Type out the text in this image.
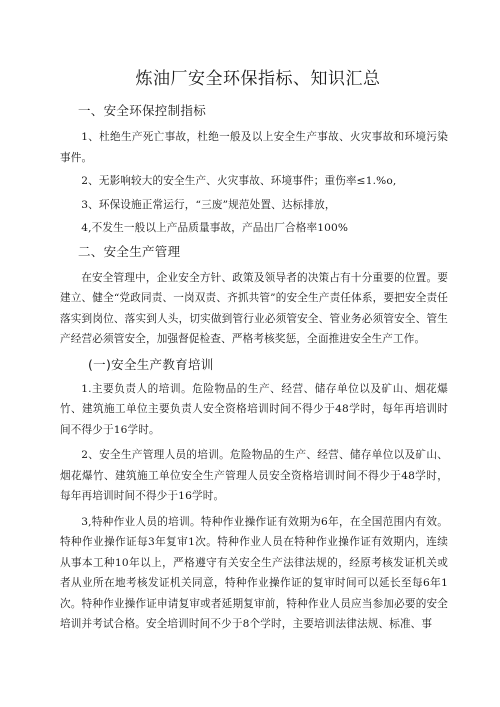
炼油厂安全环保指标、知识汇总
一、安全环保控制指标
1、杜绝生产死亡事故，杜绝一般及以上安全生产事故、火灾事故和环境污染事件。
2、无影响较大的安全生产、火灾事故、环境事件；重伤率≤1.%o,
3、环保设施正常运行，“三废”规范处置、达标排放，
4,不发生一般以上产品质量事故，产品出厂合格率100%
二、安全生产管理
在安全管理中，企业安全方针、政策及领导者的决策占有十分重要的位置。要建立、健全“党政同责、一岗双责、齐抓共管”的安全生产责任体系，要把安全责任落实到岗位、落实到人头，切实做到管行业必须管安全、管业务必须管安全、管生产经营必须管安全，加强督促检查、严格考核奖惩，全面推进安全生产工作。
(一)安全生产教育培训
1.主要负责人的培训。危险物品的生产、经营、储存单位以及矿山、烟花爆竹、建筑施工单位主要负责人安全资格培训时间不得少于48学时，每年再培训时间不得少于16学时。
2、安全生产管理人员的培训。危险物品的生产、经营、储存单位以及矿山、烟花爆竹、建筑施工单位安全生产管理人员安全资格培训时间不得少于48学时，每年再培训时间不得少于16学时。
3,特种作业人员的培训。特种作业操作证有效期为6年，在全国范围内有效。特种作业操作证每3年复审1次。特种作业人员在特种作业操作证有效期内，连续从事本工种10年以上，严格遵守有关安全生产法律法规的，经原考核发证机关或者从业所在地考核发证机关同意，特种作业操作证的复审时间可以延长至每6年1次。特种作业操作证申请复审或者延期复审前，特种作业人员应当参加必要的安全培训并考试合格。安全培训时间不少于8个学时，主要培训法律法规、标准、事
